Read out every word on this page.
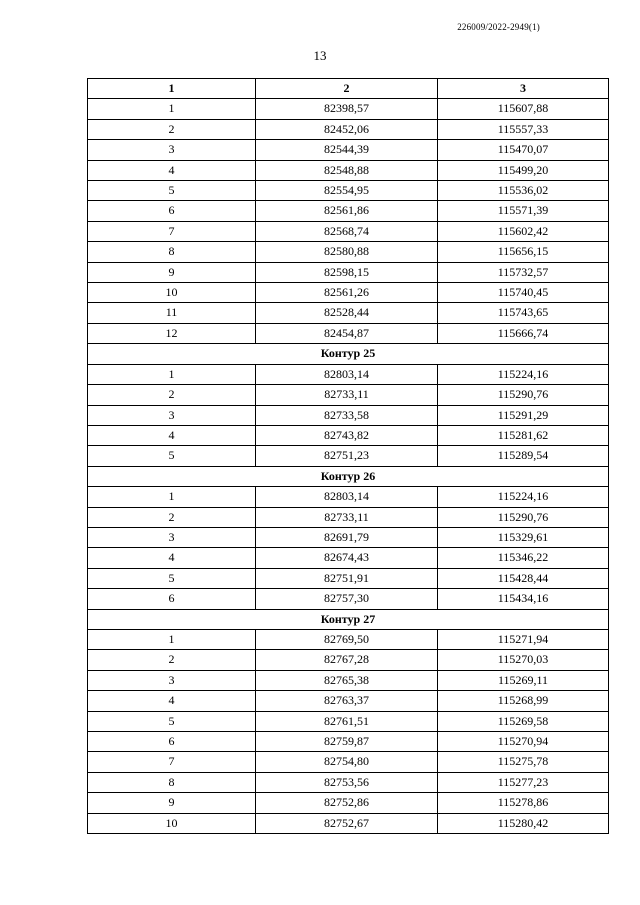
226009/2022-2949(1)
13
1	2	3
1	82398,57	115607,88
2	82452,06	115557,33
3	82544,39	115470,07
4	82548,88	115499,20
5	82554,95	115536,02
6	82561,86	115571,39
7	82568,74	115602,42
8	82580,88	115656,15
9	82598,15	115732,57
10	82561,26	115740,45
11	82528,44	115743,65
12	82454,87	115666,74
Контур 25		
1	82803,14	115224,16
2	82733,11	115290,76
3	82733,58	115291,29
4	82743,82	115281,62
5	82751,23	115289,54
Контур 26		
1	82803,14	115224,16
2	82733,11	115290,76
3	82691,79	115329,61
4	82674,43	115346,22
5	82751,91	115428,44
6	82757,30	115434,16
Контур 27		
1	82769,50	115271,94
2	82767,28	115270,03
3	82765,38	115269,11
4	82763,37	115268,99
5	82761,51	115269,58
6	82759,87	115270,94
7	82754,80	115275,78
8	82753,56	115277,23
9	82752,86	115278,86
10	82752,67	115280,42
